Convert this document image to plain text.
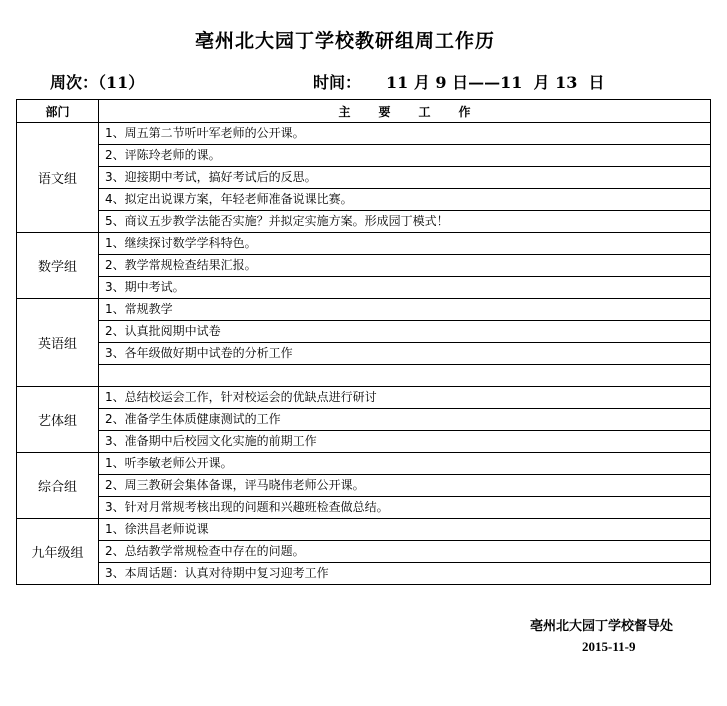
亳州北大园丁学校教研组周工作历
周次：（11）	时间： 11 月 9 日——11  月 13  日
部门	主要工作
语文组	1、周五第二节听叶军老师的公开课。
	2、评陈玲老师的课。
	3、迎接期中考试，搞好考试后的反思。
	4、拟定出说课方案，年轻老师准备说课比赛。
	5、商议五步教学法能否实施？并拟定实施方案。形成园丁模式！
数学组	1、继续探讨数学学科特色。
	2、教学常规检查结果汇报。
	3、期中考试。
英语组	1、常规教学
	2、认真批阅期中试卷
	3、各年级做好期中试卷的分析工作

艺体组	1、总结校运会工作，针对校运会的优缺点进行研讨
	2、准备学生体质健康测试的工作
	3、准备期中后校园文化实施的前期工作
综合组	1、听李敏老师公开课。
	2、周三教研会集体备课，评马晓伟老师公开课。
	3、针对月常规考核出现的问题和兴趣班检查做总结。
九年级组	1、徐洪昌老师说课
	2、总结教学常规检查中存在的问题。
	3、本周话题：认真对待期中复习迎考工作
亳州北大园丁学校督导处
2015-11-9
